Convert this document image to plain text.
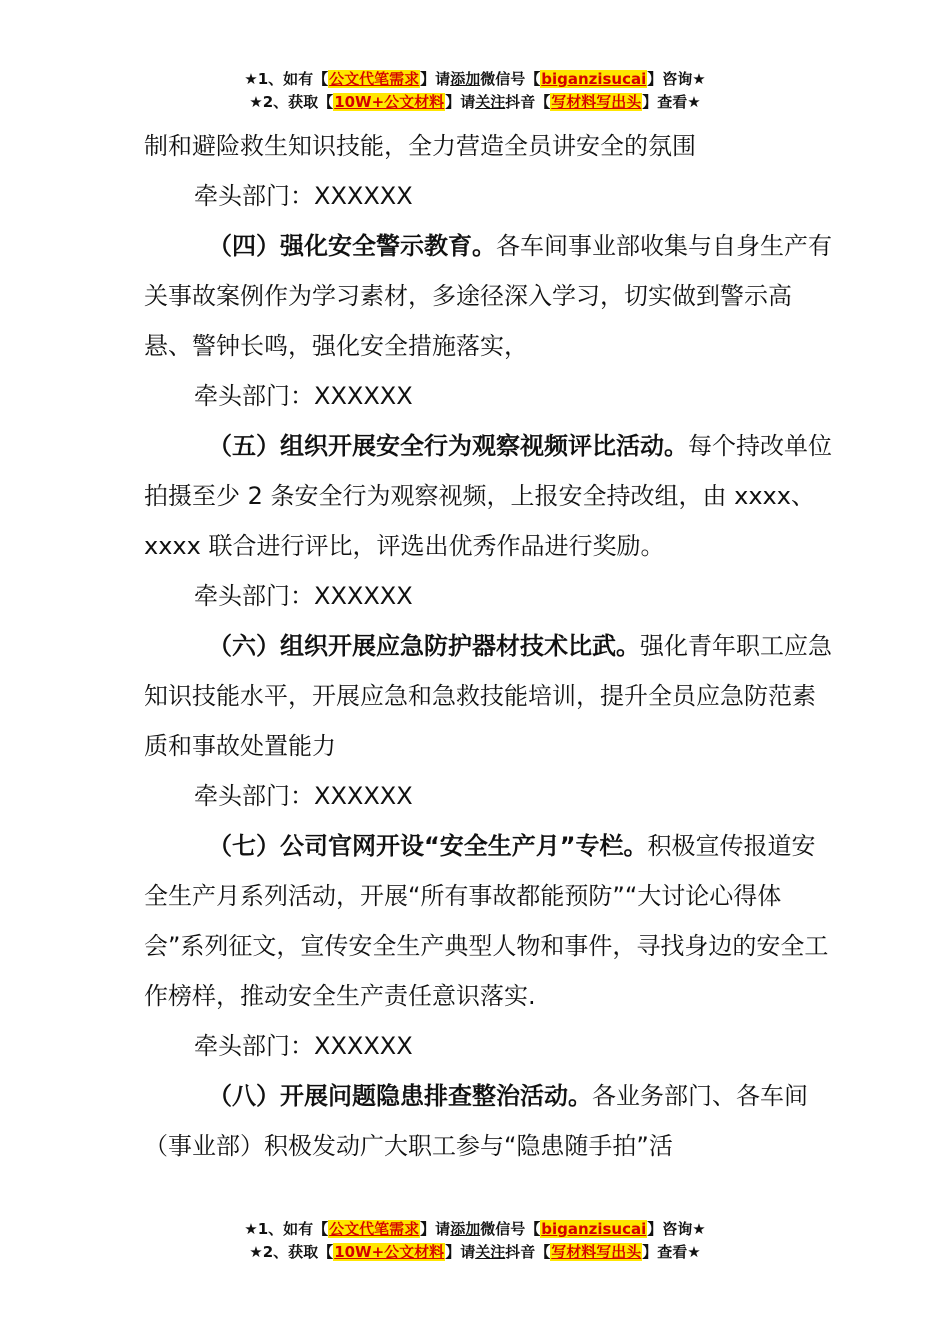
★1、如有【公文代笔需求】请添加微信号【biganzisucai】咨询★
★2、获取【10W+公文材料】请关注抖音【写材料写出头】查看★

制和避险救生知识技能，全力营造全员讲安全的氛围

牵头部门：XXXXXX

（四）强化安全警示教育。各车间事业部收集与自身生产有关事故案例作为学习素材，多途径深入学习，切实做到警示高悬、警钟长鸣，强化安全措施落实，

牵头部门：XXXXXX

（五）组织开展安全行为观察视频评比活动。每个持改单位拍摄至少 2 条安全行为观察视频，上报安全持改组，由 xxxx、xxxx 联合进行评比，评选出优秀作品进行奖励。

牵头部门：XXXXXX

（六）组织开展应急防护器材技术比武。强化青年职工应急知识技能水平，开展应急和急救技能培训，提升全员应急防范素质和事故处置能力

牵头部门：XXXXXX

（七）公司官网开设“安全生产月”专栏。积极宣传报道安全生产月系列活动，开展“所有事故都能预防”“大讨论心得体会”系列征文，宣传安全生产典型人物和事件，寻找身边的安全工作榜样，推动安全生产责任意识落实.

牵头部门：XXXXXX

（八）开展问题隐患排查整治活动。各业务部门、各车间（事业部）积极发动广大职工参与“隐患随手拍”活

★1、如有【公文代笔需求】请添加微信号【biganzisucai】咨询★
★2、获取【10W+公文材料】请关注抖音【写材料写出头】查看★
